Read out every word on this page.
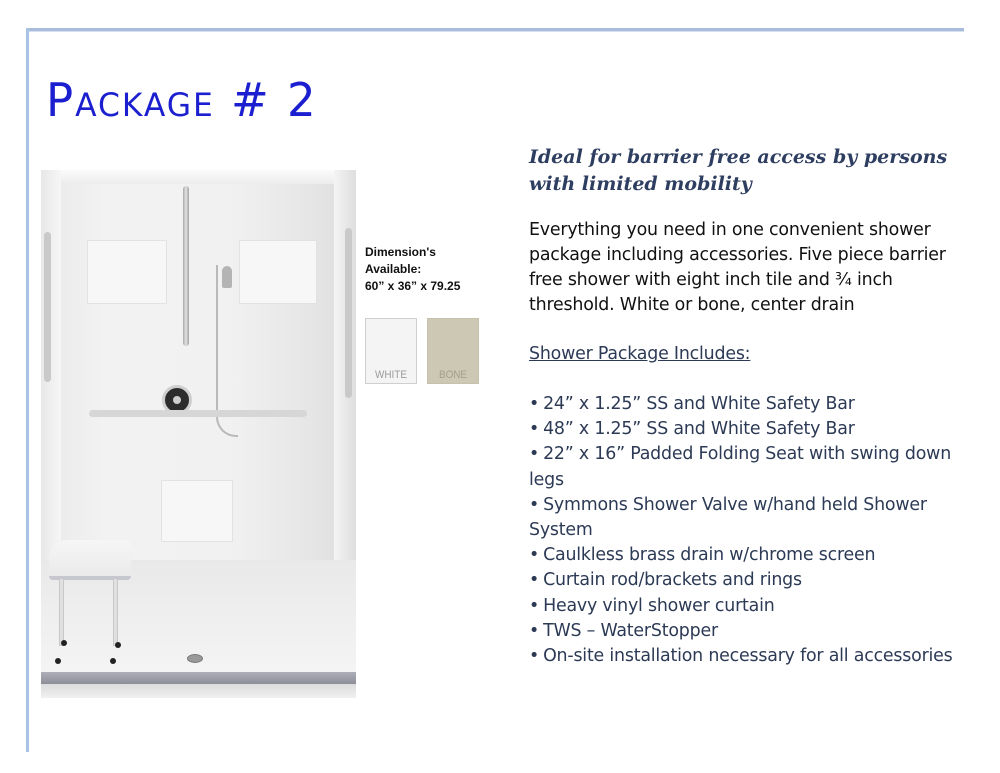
Package # 2
Dimension's
Available:
60” x 36” x 79.25
WHITE	BONE

Ideal for barrier free access by persons with limited mobility

Everything you need in one convenient shower package including accessories. Five piece barrier free shower with eight inch tile and ¾ inch threshold. White or bone, center drain

Shower Package Includes:

• 24” x 1.25” SS and White Safety Bar
• 48” x 1.25” SS and White Safety Bar
• 22” x 16” Padded Folding Seat with swing down legs
• Symmons Shower Valve w/hand held Shower System
• Caulkless brass drain w/chrome screen
• Curtain rod/brackets and rings
• Heavy vinyl shower curtain
• TWS – WaterStopper
• On-site installation necessary for all accessories
